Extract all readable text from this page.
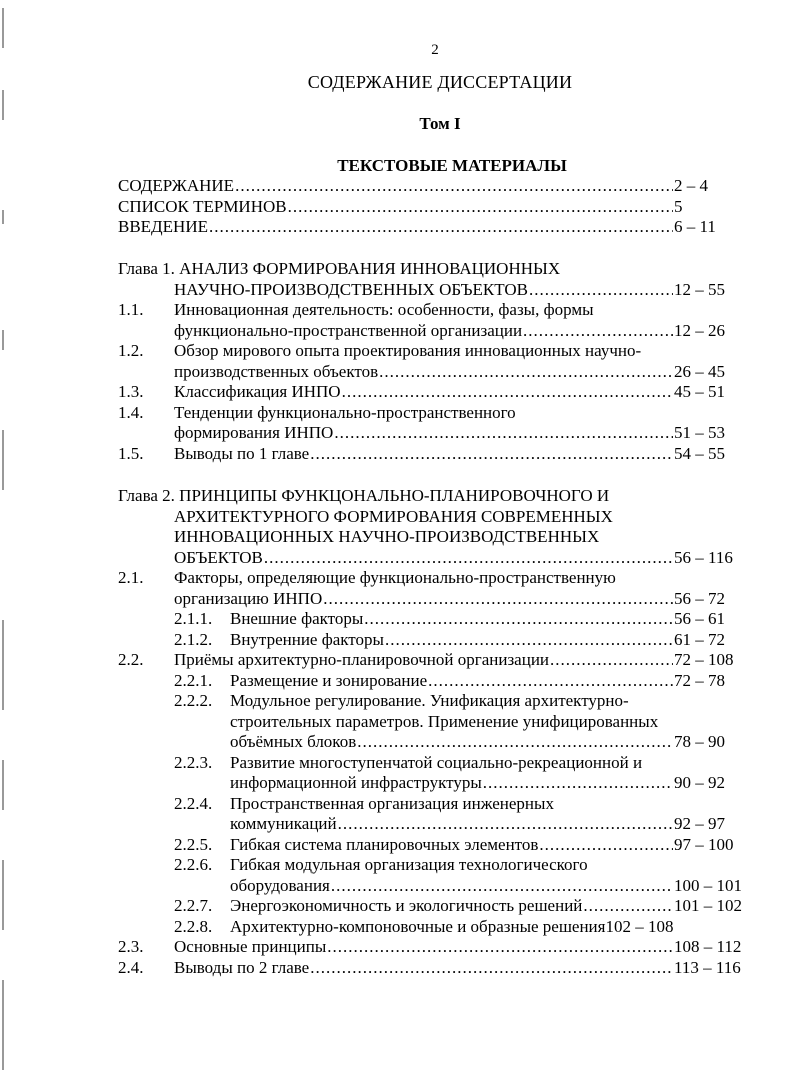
2
СОДЕРЖАНИЕ ДИССЕРТАЦИИ
Том I
ТЕКСТОВЫЕ МАТЕРИАЛЫ
СОДЕРЖАНИЕ .....	2 – 4
СПИСОК ТЕРМИНОВ .....	5
ВВЕДЕНИЕ .....	6 – 11
Глава 1. АНАЛИЗ ФОРМИРОВАНИЯ ИННОВАЦИОННЫХ
НАУЧНО-ПРОИЗВОДСТВЕННЫХ ОБЪЕКТОВ .....	12 – 55
1.1. Инновационная деятельность: особенности, фазы, формы
функционально-пространственной организации .....	12 – 26
1.2. Обзор мирового опыта проектирования инновационных научно-
производственных объектов .....	26 – 45
1.3. Классификация ИНПО .....	45 – 51
1.4. Тенденции функционально-пространственного
формирования ИНПО .....	51 – 53
1.5. Выводы по 1 главе .....	54 – 55
Глава 2. ПРИНЦИПЫ ФУНКЦОНАЛЬНО-ПЛАНИРОВОЧНОГО И
АРХИТЕКТУРНОГО ФОРМИРОВАНИЯ СОВРЕМЕННЫХ
ИННОВАЦИОННЫХ НАУЧНО-ПРОИЗВОДСТВЕННЫХ
ОБЪЕКТОВ .....	56 – 116
2.1. Факторы, определяющие функционально-пространственную
организацию ИНПО .....	56 – 72
2.1.1. Внешние факторы .....	56 – 61
2.1.2. Внутренние факторы .....	61 – 72
2.2. Приёмы архитектурно-планировочной организации .....	72 – 108
2.2.1. Размещение и зонирование .....	72 – 78
2.2.2. Модульное регулирование. Унификация архитектурно-
строительных параметров. Применение унифицированных
объёмных блоков .....	78 – 90
2.2.3. Развитие многоступенчатой социально-рекреационной и
информационной инфраструктуры .....	90 – 92
2.2.4. Пространственная организация инженерных
коммуникаций .....	92 – 97
2.2.5. Гибкая система планировочных элементов .....	97 – 100
2.2.6. Гибкая модульная организация технологического
оборудования .....	100 – 101
2.2.7. Энергоэкономичность и экологичность решений .....	101 – 102
2.2.8. Архитектурно-компоновочные и образные решения 102 – 108
2.3. Основные принципы .....	108 – 112
2.4. Выводы по 2 главе .....	113 – 116
